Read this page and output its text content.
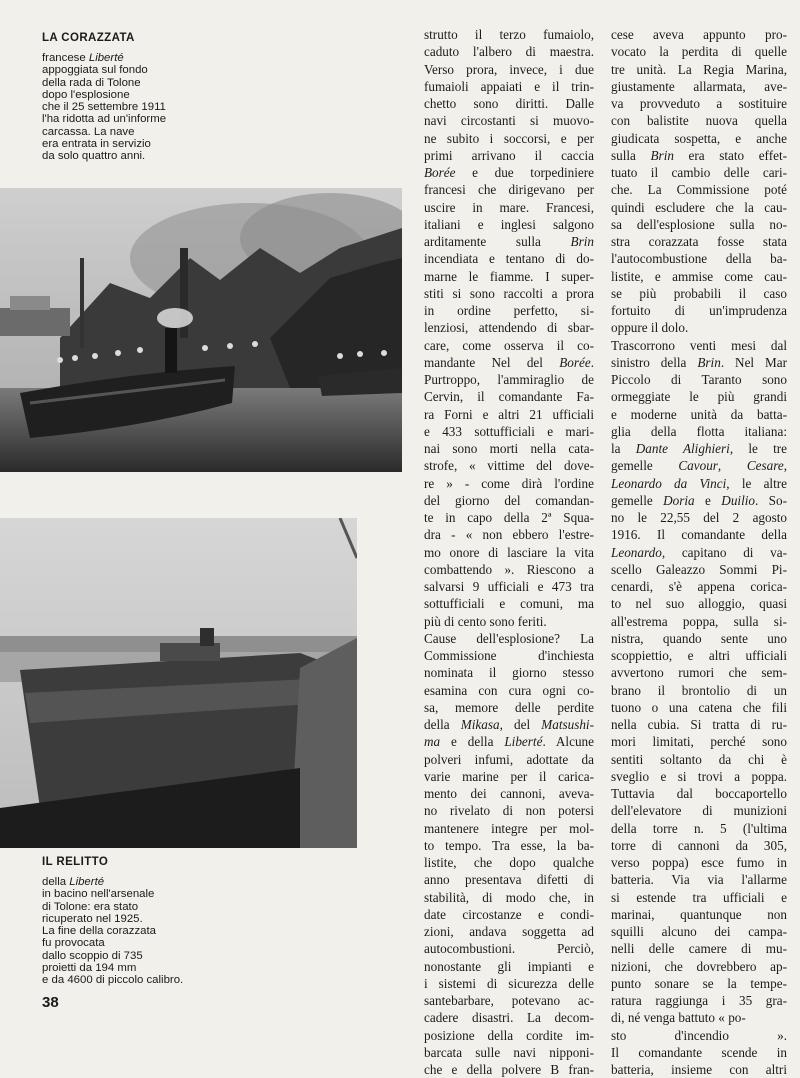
LA CORAZZATA
francese Liberté
appoggiata sul fondo
della rada di Tolone
dopo l'esplosione
che il 25 settembre 1911
l'ha ridotta ad un'informe
carcassa. La nave
era entrata in servizio
da solo quattro anni.
IL RELITTO
della Liberté
in bacino nell'arsenale
di Tolone: era stato
ricuperato nel 1925.
La fine della corazzata
fu provocata
dallo scoppio di 735
proietti da 194 mm
e da 4600 di piccolo calibro.
strutto il terzo fumaiolo,
caduto l'albero di maestra.
Verso prora, invece, i due
fumaioli appaiati e il trin-
chetto sono diritti. Dalle
navi circostanti si muovo-
ne subito i soccorsi, e per
primi arrivano il caccia
Borée e due torpediniere
francesi che dirigevano per
uscire in mare. Francesi,
italiani e inglesi salgono
arditamente sulla Brin
incendiata e tentano di do-
marne le fiamme. I super-
stiti si sono raccolti a prora
in ordine perfetto, si-
lenziosi, attendendo di sbar-
care, come osserva il co-
mandante Nel del Borée.
Purtroppo, l'ammiraglio de
Cervin, il comandante Fa-
ra Forni e altri 21 ufficiali
e 433 sottufficiali e mari-
nai sono morti nella cata-
strofe, « vittime del dove-
re » - come dirà l'ordine
del giorno del comandan-
te in capo della 2ª Squa-
dra - « non ebbero l'estre-
mo onore di lasciare la vita
combattendo ». Riescono a
salvarsi 9 ufficiali e 473 tra
sottufficiali e comuni, ma
più di cento sono feriti.
Cause dell'esplosione? La
Commissione d'inchiesta
nominata il giorno stesso
esamina con cura ogni co-
sa, memore delle perdite
della Mikasa, del Matsushi-
ma e della Liberté. Alcune
polveri infumi, adottate da
varie marine per il carica-
mento dei cannoni, aveva-
no rivelato di non potersi
mantenere integre per mol-
to tempo. Tra esse, la ba-
listite, che dopo qualche
anno presentava difetti di
stabilità, di modo che, in
date circostanze e condi-
zioni, andava soggetta ad
autocombustioni. Perciò,
nonostante gli impianti e
i sistemi di sicurezza delle
santebarbare, potevano ac-
cadere disastri. La decom-
posizione della cordite im-
barcata sulle navi nipponi-
che e della polvere B fran-
cese aveva appunto pro-
vocato la perdita di quelle
tre unità. La Regia Marina,
giustamente allarmata, ave-
va provveduto a sostituire
con balistite nuova quella
giudicata sospetta, e anche
sulla Brin era stato effet-
tuato il cambio delle cari-
che. La Commissione poté
quindi escludere che la cau-
sa dell'esplosione sulla no-
stra corazzata fosse stata
l'autocombustione della ba-
listite, e ammise come cau-
se più probabili il caso
fortuito di un'imprudenza
oppure il dolo.
Trascorrono venti mesi dal
sinistro della Brin. Nel Mar
Piccolo di Taranto sono
ormeggiate le più grandi
e moderne unità da batta-
glia della flotta italiana:
la Dante Alighieri, le tre
gemelle Cavour, Cesare,
Leonardo da Vinci, le altre
gemelle Doria e Duilio. So-
no le 22,55 del 2 agosto
1916. Il comandante della
Leonardo, capitano di va-
scello Galeazzo Sommi Pi-
cenardi, s'è appena corica-
to nel suo alloggio, quasi
all'estrema poppa, sulla si-
nistra, quando sente uno
scoppiettio, e altri ufficiali
avvertono rumori che sem-
brano il brontolio di un
tuono o una catena che fili
nella cubia. Si tratta di ru-
mori limitati, perché sono
sentiti soltanto da chi è
sveglio e si trovi a poppa.
Tuttavia dal boccaportello
dell'elevatore di munizioni
della torre n. 5 (l'ultima
torre di cannoni da 305,
verso poppa) esce fumo in
batteria. Via via l'allarme
si estende tra ufficiali e
marinai, quantunque non
squilli alcuno dei campa-
nelli delle camere di mu-
nizioni, che dovrebbero ap-
punto sonare se la tempe-
ratura raggiunga i 35 gra-
di, né venga battuto « po-
sto d'incendio ».
Il comandante scende in
batteria, insieme con altri
38
